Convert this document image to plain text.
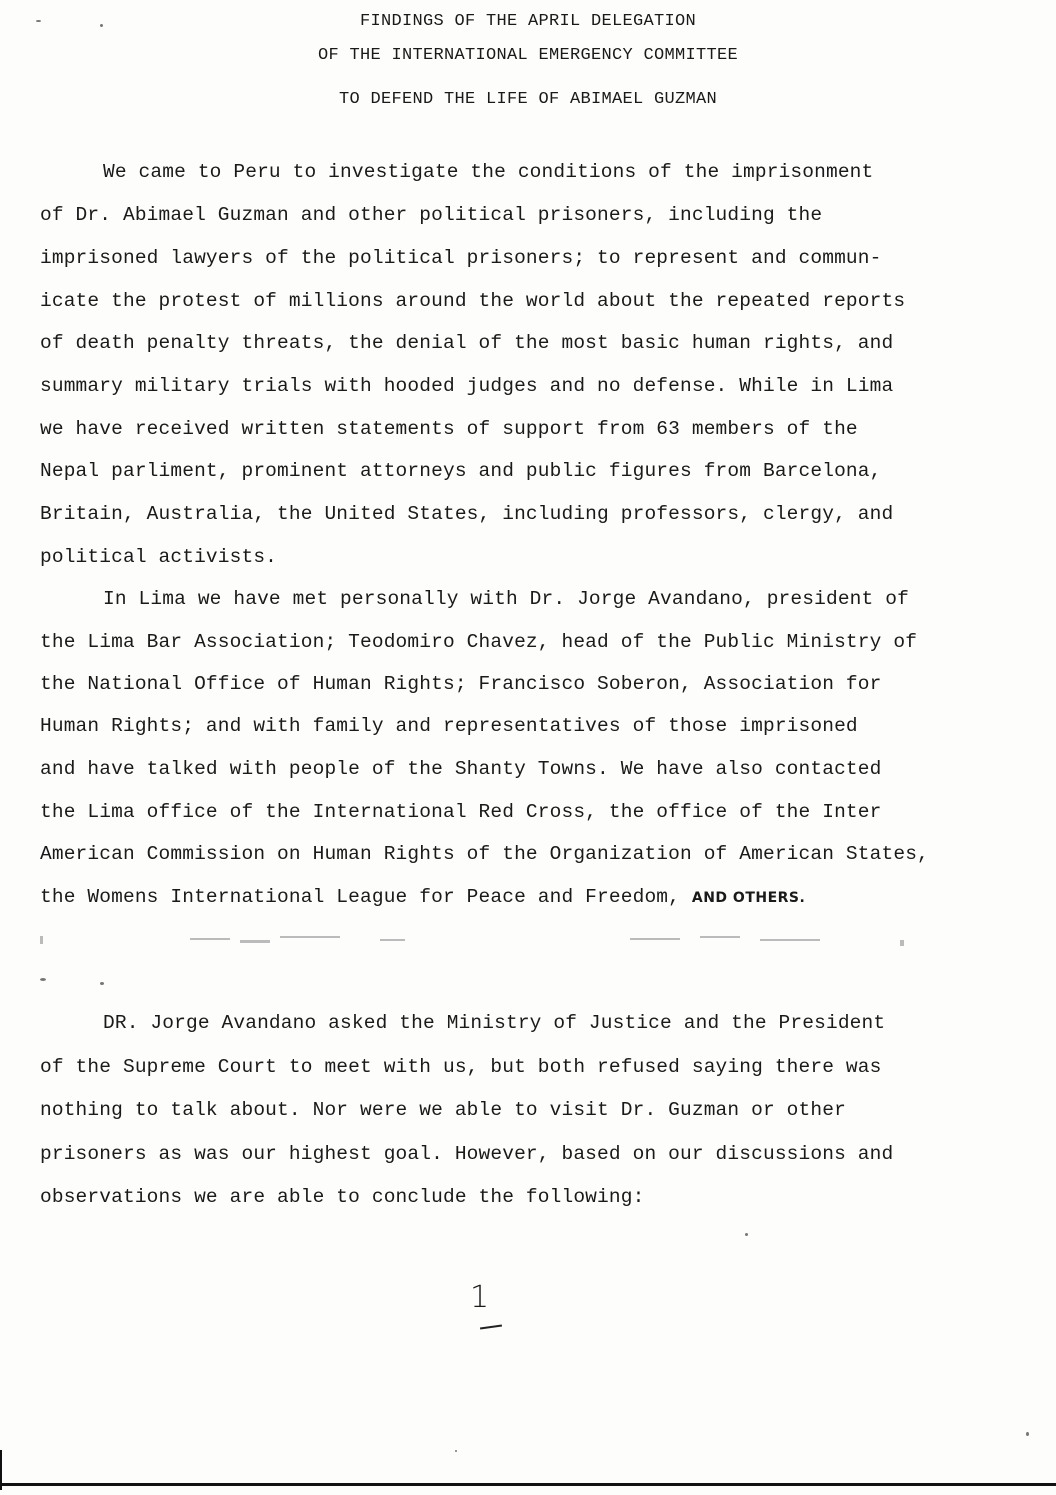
FINDINGS OF THE APRIL DELEGATION
OF THE INTERNATIONAL EMERGENCY COMMITTEE
TO DEFEND THE LIFE OF ABIMAEL GUZMAN
We came to Peru to investigate the conditions of the imprisonment
of Dr. Abimael Guzman and other political prisoners, including the
imprisoned lawyers of the political prisoners; to represent and commun-
icate the protest of millions around the world about the repeated reports
of death penalty threats, the denial of the most basic human rights, and
summary military trials with hooded judges and no defense. While in Lima
we have received written statements of support from 63 members of the
Nepal parliment, prominent attorneys and public figures from Barcelona,
Britain, Australia, the United States, including professors, clergy, and
political activists.
In Lima we have met personally with Dr. Jorge Avandano, president of
the Lima Bar Association; Teodomiro Chavez, head of the Public Ministry of
the National Office of Human Rights; Francisco Soberon, Association for
Human Rights; and with family and representatives of those imprisoned
and have talked with people of the Shanty Towns. We have also contacted
the Lima office of the International Red Cross, the office of the Inter
American Commission on Human Rights of the Organization of American States,
the Womens International League for Peace and Freedom, AND OTHERS.
DR. Jorge Avandano asked the Ministry of Justice and the President
of the Supreme Court to meet with us, but both refused saying there was
nothing to talk about. Nor were we able to visit Dr. Guzman or other
prisoners as was our highest goal. However, based on our discussions and
observations we are able to conclude the following:
1
